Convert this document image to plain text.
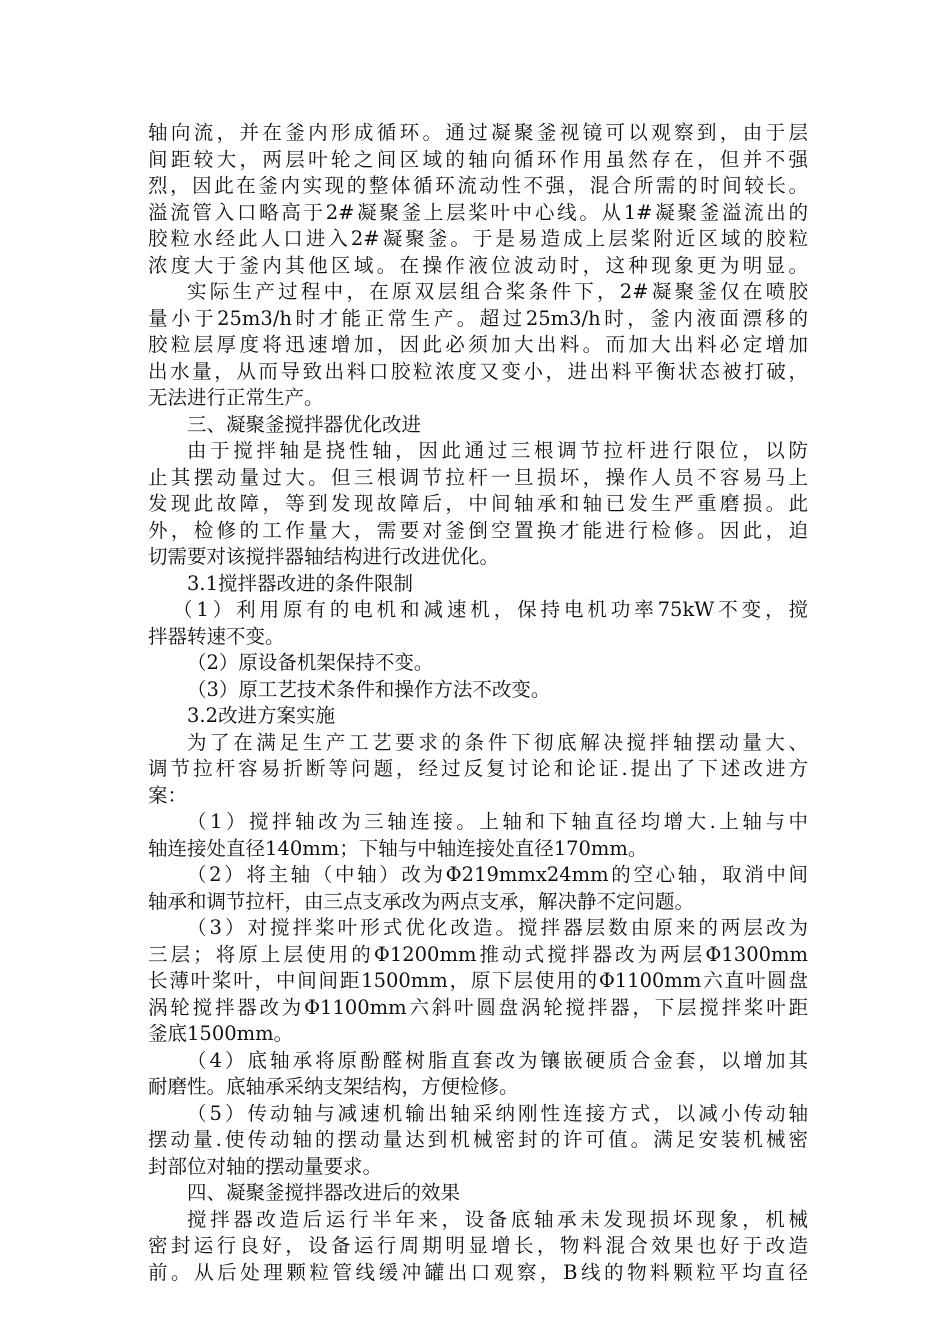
轴向流，并在釜内形成循环。通过凝聚釜视镜可以观察到，由于层
间距较大，两层叶轮之间区域的轴向循环作用虽然存在，但并不强
烈，因此在釜内实现的整体循环流动性不强，混合所需的时间较长。
溢流管入口略高于2#凝聚釜上层桨叶中心线。从1#凝聚釜溢流出的
胶粒水经此人口进入2#凝聚釜。于是易造成上层桨附近区域的胶粒
浓度大于釜内其他区域。在操作液位波动时，这种现象更为明显。
实际生产过程中，在原双层组合桨条件下，2#凝聚釜仅在喷胶
量小于25m3/h时才能正常生产。超过25m3/h时，釜内液面漂移的
胶粒层厚度将迅速增加，因此必须加大出料。而加大出料必定增加
出水量，从而导致出料口胶粒浓度又变小，进出料平衡状态被打破，
无法进行正常生产。
三、凝聚釜搅拌器优化改进
由于搅拌轴是挠性轴，因此通过三根调节拉杆进行限位，以防
止其摆动量过大。但三根调节拉杆一旦损坏，操作人员不容易马上
发现此故障，等到发现故障后，中间轴承和轴已发生严重磨损。此
外，检修的工作量大，需要对釜倒空置换才能进行检修。因此，迫
切需要对该搅拌器轴结构进行改进优化。
3.1搅拌器改进的条件限制
（1）利用原有的电机和减速机，保持电机功率75kW不变，搅
拌器转速不变。
（2）原设备机架保持不变。
（3）原工艺技术条件和操作方法不改变。
3.2改进方案实施
为了在满足生产工艺要求的条件下彻底解决搅拌轴摆动量大、
调节拉杆容易折断等问题，经过反复讨论和论证.提出了下述改进方
案：
（1）搅拌轴改为三轴连接。上轴和下轴直径均增大.上轴与中
轴连接处直径140mm；下轴与中轴连接处直径170mm。
（2）将主轴（中轴）改为Φ219mmx24mm的空心轴，取消中间
轴承和调节拉杆，由三点支承改为两点支承，解决静不定问题。
（3）对搅拌桨叶形式优化改造。搅拌器层数由原来的两层改为
三层；将原上层使用的Φ1200mm推动式搅拌器改为两层Φ1300mm
长薄叶桨叶，中间间距1500mm，原下层使用的Φ1100mm六直叶圆盘
涡轮搅拌器改为Φ1100mm六斜叶圆盘涡轮搅拌器，下层搅拌桨叶距
釜底1500mm。
（4）底轴承将原酚醛树脂直套改为镶嵌硬质合金套，以增加其
耐磨性。底轴承采纳支架结构，方便检修。
（5）传动轴与减速机输出轴采纳刚性连接方式，以减小传动轴
摆动量.使传动轴的摆动量达到机械密封的许可值。满足安装机械密
封部位对轴的摆动量要求。
四、凝聚釜搅拌器改进后的效果
搅拌器改造后运行半年来，设备底轴承未发现损坏现象，机械
密封运行良好，设备运行周期明显增长，物料混合效果也好于改造
前。从后处理颗粒管线缓冲罐出口观察，B线的物料颗粒平均直径
